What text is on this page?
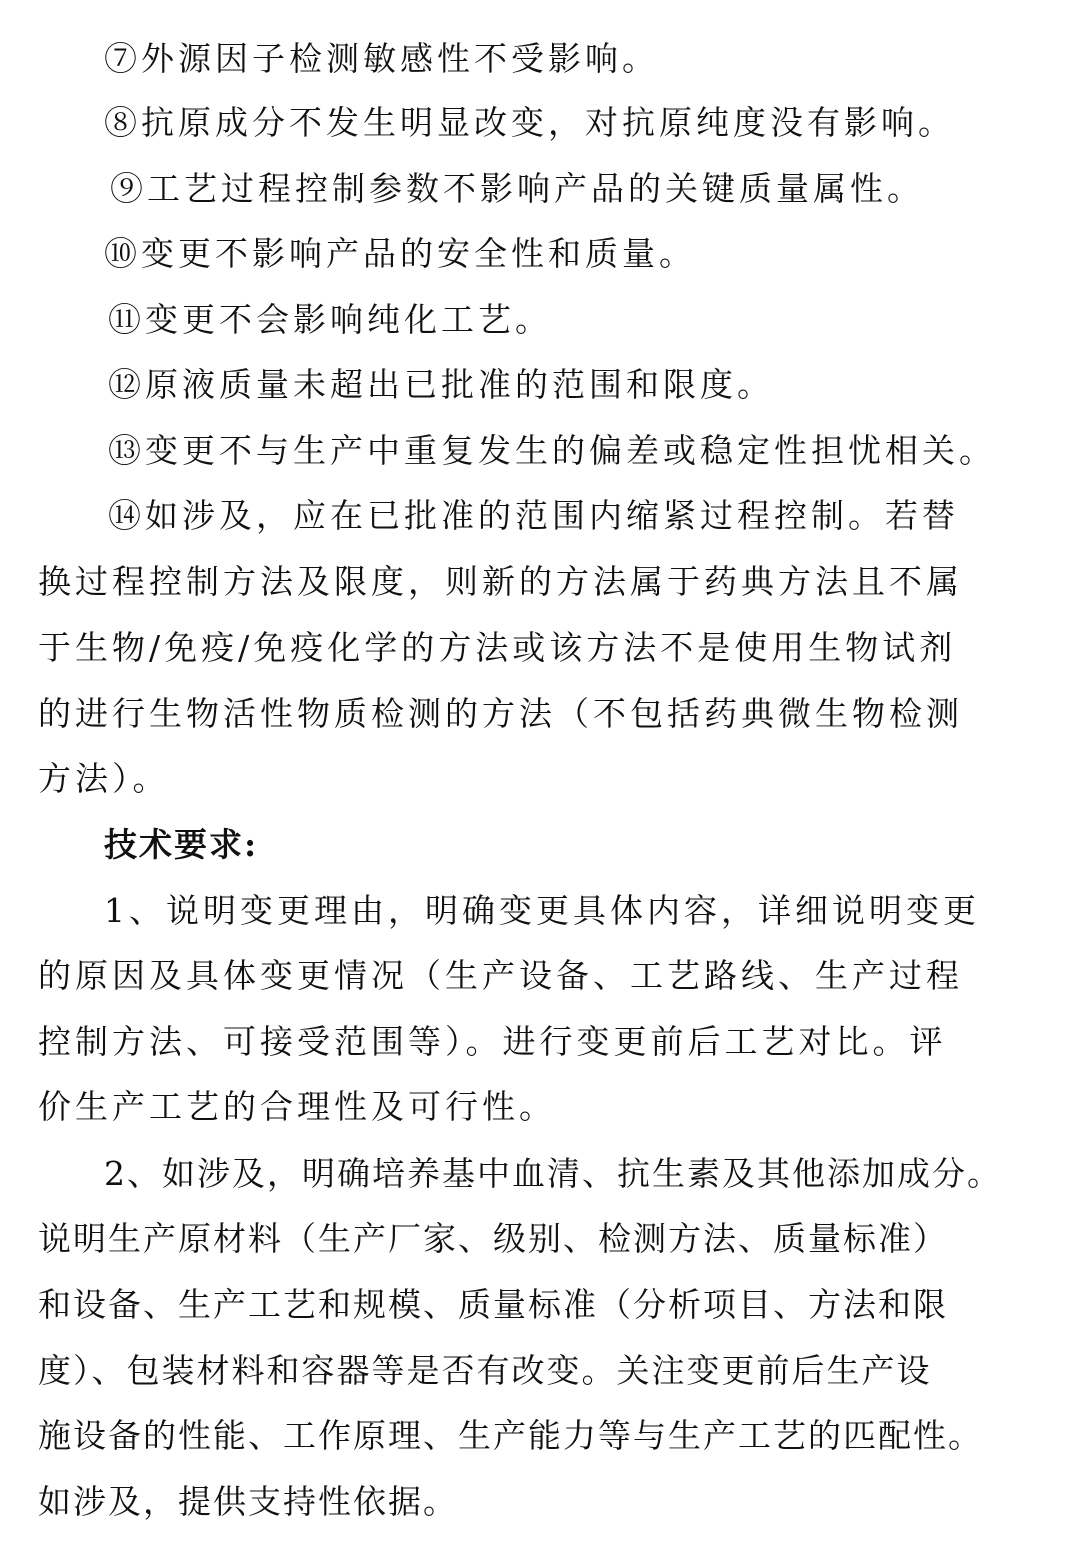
⑦外源因子检测敏感性不受影响。
⑧抗原成分不发生明显改变，对抗原纯度没有影响。
⑨工艺过程控制参数不影响产品的关键质量属性。
⑩变更不影响产品的安全性和质量。
⑪变更不会影响纯化工艺。
⑫原液质量未超出已批准的范围和限度。
⑬变更不与生产中重复发生的偏差或稳定性担忧相关。
⑭如涉及，应在已批准的范围内缩紧过程控制。若替
换过程控制方法及限度，则新的方法属于药典方法且不属
于生物/免疫/免疫化学的方法或该方法不是使用生物试剂
的进行生物活性物质检测的方法（不包括药典微生物检测
方法）。
技术要求:
1、说明变更理由，明确变更具体内容，详细说明变更
的原因及具体变更情况（生产设备、工艺路线、生产过程
控制方法、可接受范围等）。进行变更前后工艺对比。评
价生产工艺的合理性及可行性。
2、如涉及，明确培养基中血清、抗生素及其他添加成分。
说明生产原材料（生产厂家、级别、检测方法、质量标准）
和设备、生产工艺和规模、质量标准（分析项目、方法和限
度）、包装材料和容器等是否有改变。关注变更前后生产设
施设备的性能、工作原理、生产能力等与生产工艺的匹配性。
如涉及，提供支持性依据。
